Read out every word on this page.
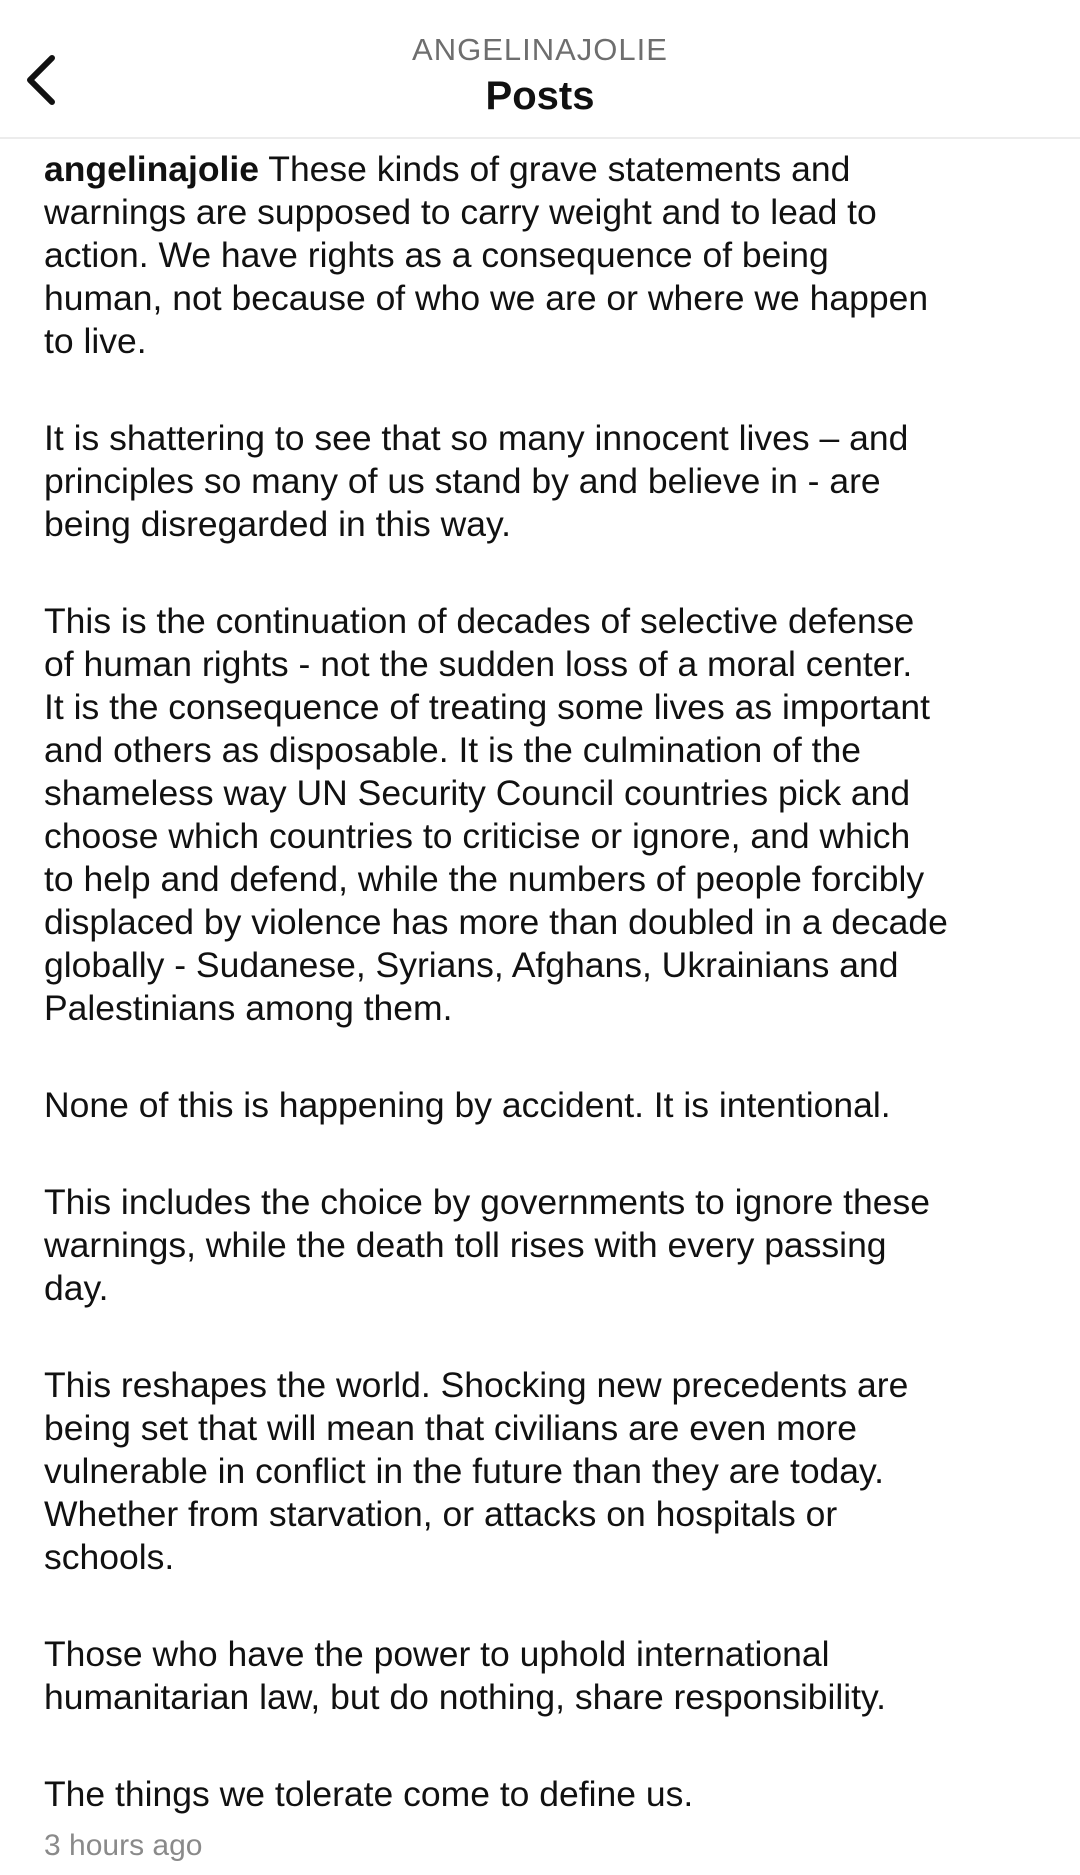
ANGELINAJOLIE
Posts

angelinajolie These kinds of grave statements and
warnings are supposed to carry weight and to lead to
action. We have rights as a consequence of being
human, not because of who we are or where we happen
to live.

It is shattering to see that so many innocent lives – and
principles so many of us stand by and believe in - are
being disregarded in this way.

This is the continuation of decades of selective defense
of human rights - not the sudden loss of a moral center.
It is the consequence of treating some lives as important
and others as disposable. It is the culmination of the
shameless way UN Security Council countries pick and
choose which countries to criticise or ignore, and which
to help and defend, while the numbers of people forcibly
displaced by violence has more than doubled in a decade
globally - Sudanese, Syrians, Afghans, Ukrainians and
Palestinians among them.

None of this is happening by accident. It is intentional.

This includes the choice by governments to ignore these
warnings, while the death toll rises with every passing
day.

This reshapes the world. Shocking new precedents are
being set that will mean that civilians are even more
vulnerable in conflict in the future than they are today.
Whether from starvation, or attacks on hospitals or
schools.

Those who have the power to uphold international
humanitarian law, but do nothing, share responsibility.

The things we tolerate come to define us.

3 hours ago
